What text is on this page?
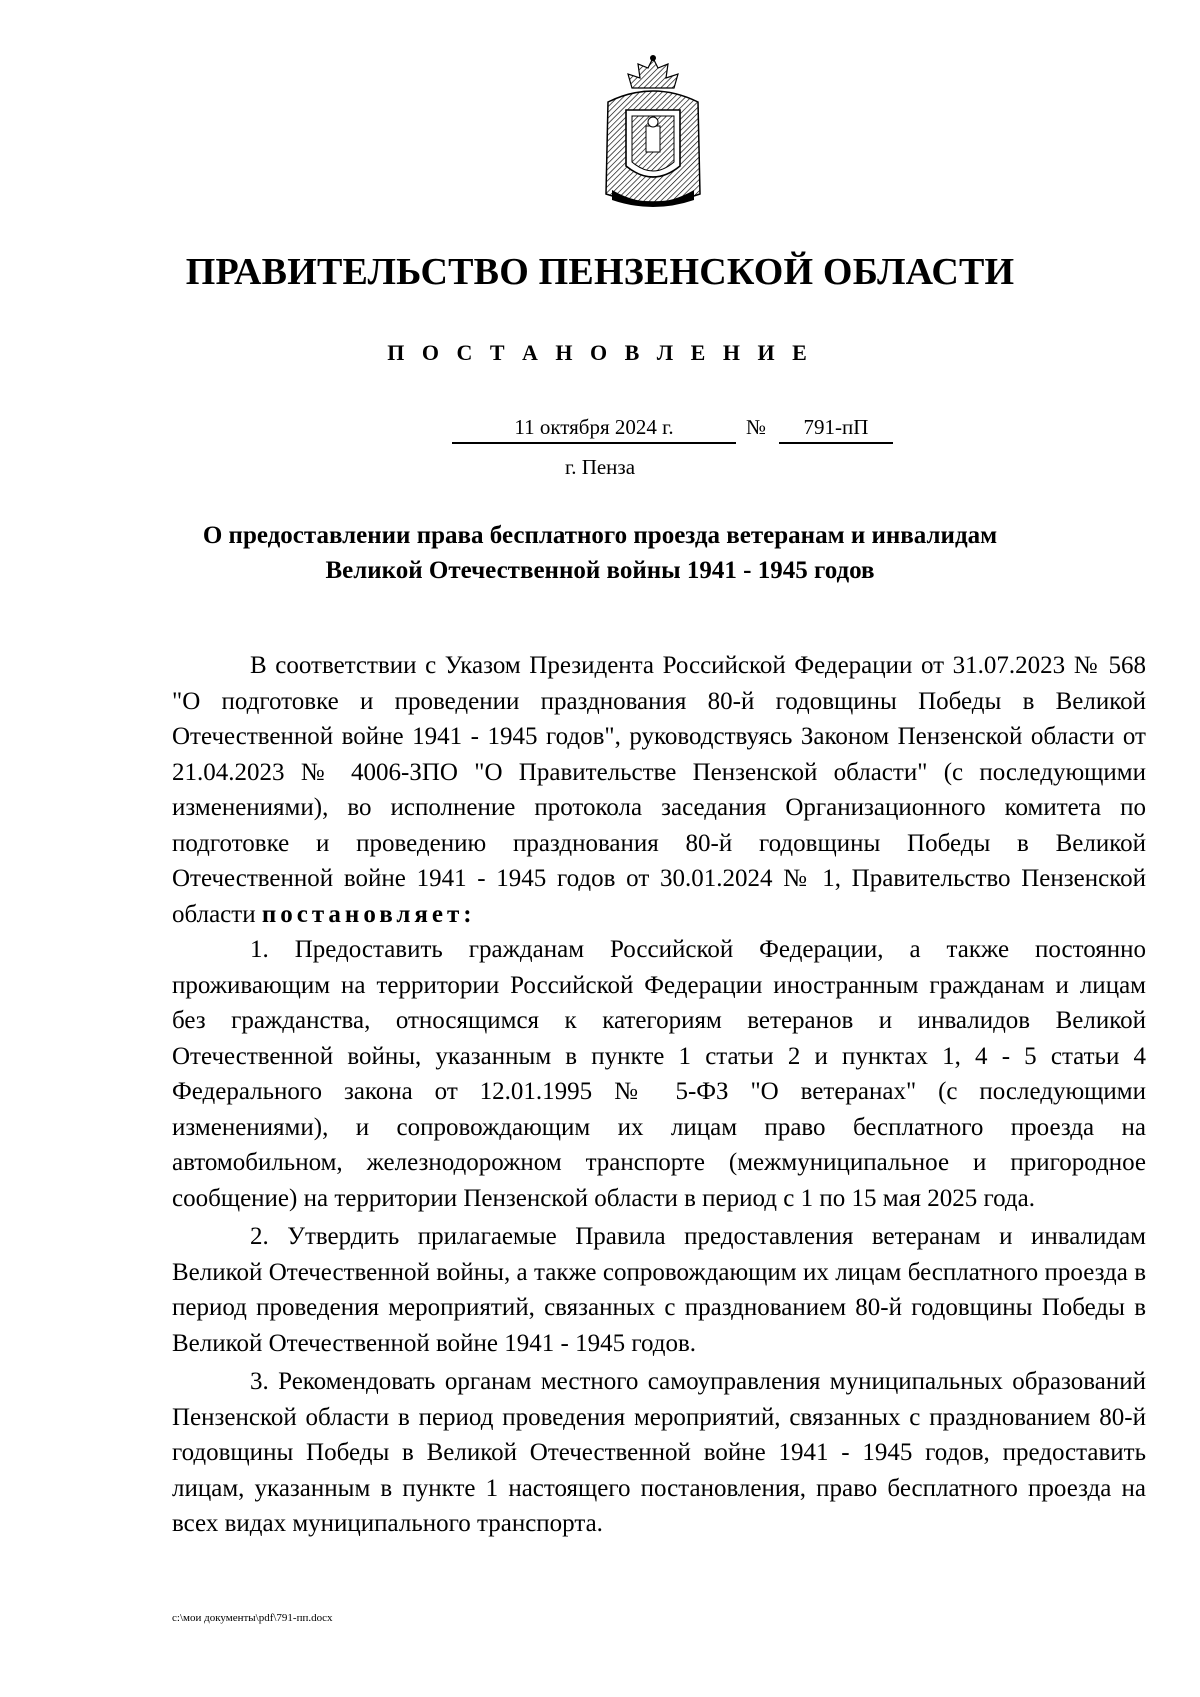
ПРАВИТЕЛЬСТВО ПЕНЗЕНСКОЙ ОБЛАСТИ
П О С Т А Н О В Л Е Н И Е
11 октября 2024 г.	№	791-пП
г. Пенза
О предоставлении права бесплатного проезда ветеранам и инвалидам
Великой Отечественной войны 1941 - 1945 годов

В соответствии с Указом Президента Российской Федерации от 31.07.2023 № 568 "О подготовке и проведении празднования 80-й годовщины Победы в Великой Отечественной войне 1941 - 1945 годов", руководствуясь Законом Пензенской области от 21.04.2023 № 4006-ЗПО "О Правительстве Пензенской области" (с последующими изменениями), во исполнение протокола заседания Организационного комитета по подготовке и проведению празднования 80-й годовщины Победы в Великой Отечественной войне 1941 - 1945 годов от 30.01.2024 № 1, Правительство Пензенской области постановляет:

1. Предоставить гражданам Российской Федерации, а также постоянно проживающим на территории Российской Федерации иностранным гражданам и лицам без гражданства, относящимся к категориям ветеранов и инвалидов Великой Отечественной войны, указанным в пункте 1 статьи 2 и пунктах 1, 4 - 5 статьи 4 Федерального закона от 12.01.1995 № 5-ФЗ "О ветеранах" (с последующими изменениями), и сопровождающим их лицам право бесплатного проезда на автомобильном, железнодорожном транспорте (межмуниципальное и пригородное сообщение) на территории Пензенской области в период с 1 по 15 мая 2025 года.

2. Утвердить прилагаемые Правила предоставления ветеранам и инвалидам Великой Отечественной войны, а также сопровождающим их лицам бесплатного проезда в период проведения мероприятий, связанных с празднованием 80-й годовщины Победы в Великой Отечественной войне 1941 - 1945 годов.

3. Рекомендовать органам местного самоуправления муниципальных образований Пензенской области в период проведения мероприятий, связанных с празднованием 80-й годовщины Победы в Великой Отечественной войне 1941 - 1945 годов, предоставить лицам, указанным в пункте 1 настоящего постановления, право бесплатного проезда на всех видах муниципального транспорта.

c:\мои документы\pdf\791-пп.docx
